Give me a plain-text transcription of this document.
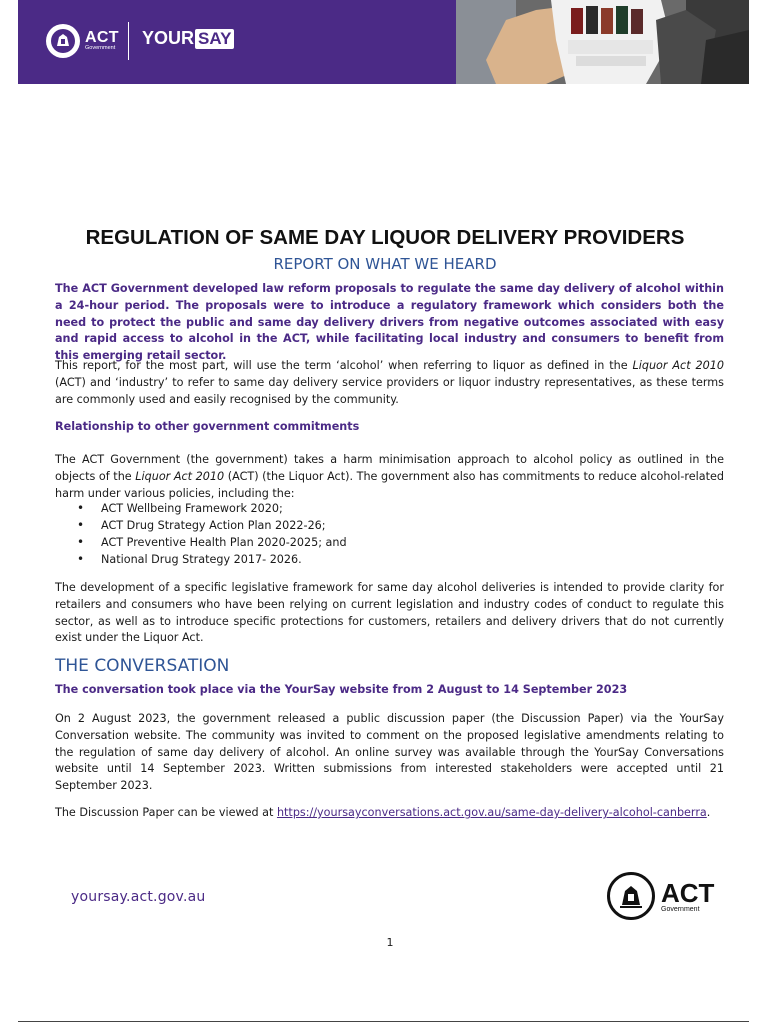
ACT
Government
YOUR SAY
REGULATION OF SAME DAY LIQUOR DELIVERY PROVIDERS
REPORT ON WHAT WE HEARD

The ACT Government developed law reform proposals to regulate the same day delivery of alcohol within a 24-hour period. The proposals were to introduce a regulatory framework which considers both the need to protect the public and same day delivery drivers from negative outcomes associated with easy and rapid access to alcohol in the ACT, while facilitating local industry and consumers to benefit from this emerging retail sector.

This report, for the most part, will use the term ‘alcohol’ when referring to liquor as defined in the Liquor Act 2010 (ACT) and ‘industry’ to refer to same day delivery service providers or liquor industry representatives, as these terms are commonly used and easily recognised by the community.

Relationship to other government commitments

The ACT Government (the government) takes a harm minimisation approach to alcohol policy as outlined in the objects of the Liquor Act 2010 (ACT) (the Liquor Act). The government also has commitments to reduce alcohol-related harm under various policies, including the:

• ACT Wellbeing Framework 2020;
• ACT Drug Strategy Action Plan 2022-26;
• ACT Preventive Health Plan 2020-2025; and
• National Drug Strategy 2017- 2026.

The development of a specific legislative framework for same day alcohol deliveries is intended to provide clarity for retailers and consumers who have been relying on current legislation and industry codes of conduct to regulate this sector, as well as to introduce specific protections for customers, retailers and delivery drivers that do not currently exist under the Liquor Act.

THE CONVERSATION
The conversation took place via the YourSay website from 2 August to 14 September 2023

On 2 August 2023, the government released a public discussion paper (the Discussion Paper) via the YourSay Conversation website. The community was invited to comment on the proposed legislative amendments relating to the regulation of same day delivery of alcohol. An online survey was available through the YourSay Conversations website until 14 September 2023. Written submissions from interested stakeholders were accepted until 21 September 2023.

The Discussion Paper can be viewed at https://yoursayconversations.act.gov.au/same-day-delivery-alcohol-canberra.

yoursay.act.gov.au	ACT
Government
1
